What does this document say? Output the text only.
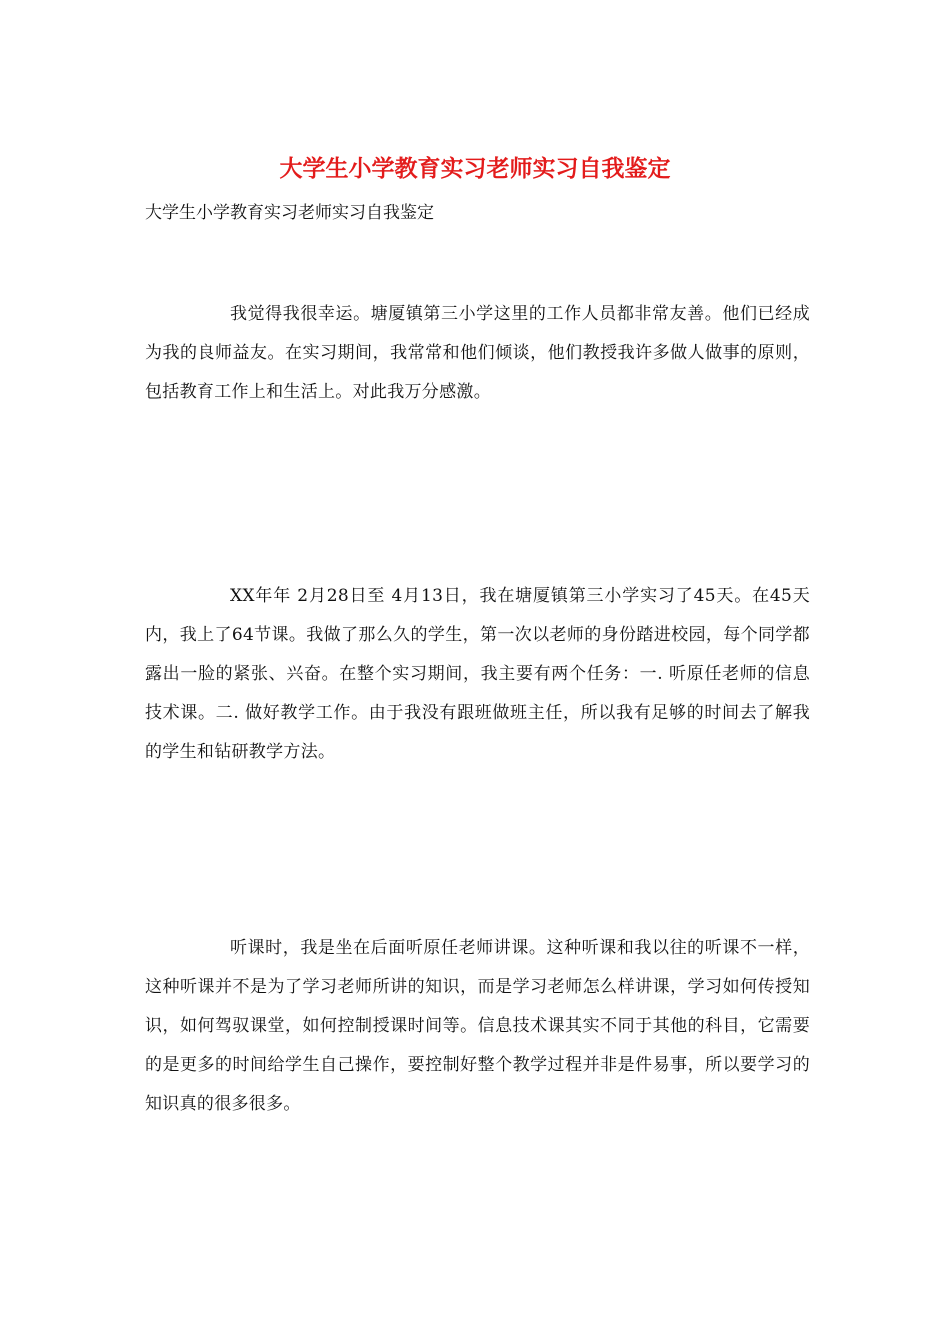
大学生小学教育实习老师实习自我鉴定

大学生小学教育实习老师实习自我鉴定

我觉得我很幸运。塘厦镇第三小学这里的工作人员都非常友善。他们已经成为我的良师益友。在实习期间，我常常和他们倾谈，他们教授我许多做人做事的原则，包括教育工作上和生活上。对此我万分感激。

XX年年 2月28日至 4月13日，我在塘厦镇第三小学实习了45天。在45天内，我上了64节课。我做了那么久的学生，第一次以老师的身份踏进校园，每个同学都露出一脸的紧张、兴奋。在整个实习期间，我主要有两个任务：一. 听原任老师的信息技术课。二. 做好教学工作。由于我没有跟班做班主任，所以我有足够的时间去了解我的学生和钻研教学方法。

听课时，我是坐在后面听原任老师讲课。这种听课和我以往的听课不一样，这种听课并不是为了学习老师所讲的知识，而是学习老师怎么样讲课，学习如何传授知识，如何驾驭课堂，如何控制授课时间等。信息技术课其实不同于其他的科目，它需要的是更多的时间给学生自己操作，要控制好整个教学过程并非是件易事，所以要学习的知识真的很多很多。
